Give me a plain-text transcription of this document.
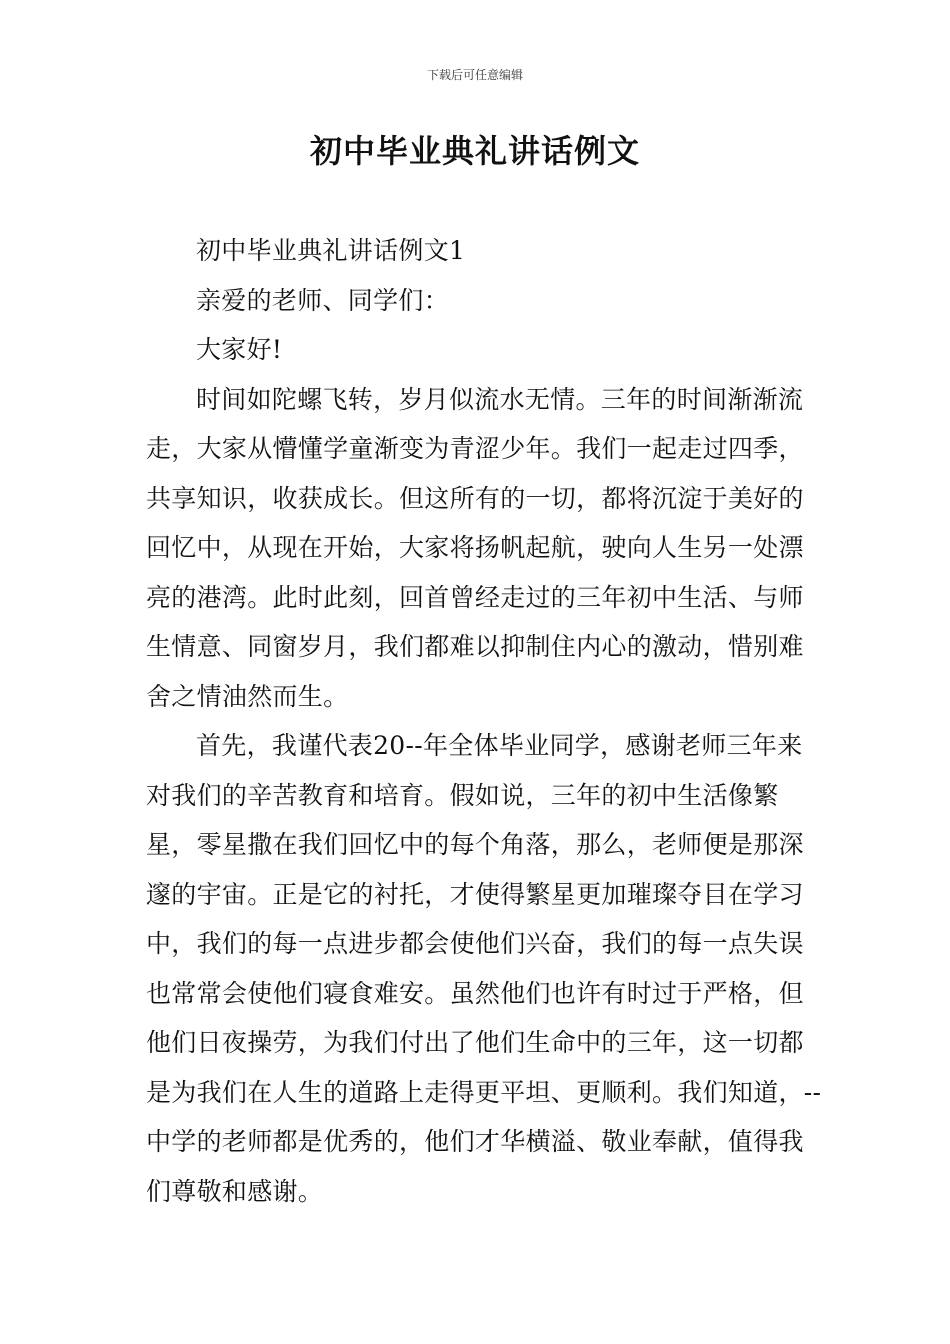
下载后可任意编辑
初中毕业典礼讲话例文

初中毕业典礼讲话例文1

亲爱的老师、同学们：

大家好!

时间如陀螺飞转，岁月似流水无情。三年的时间渐渐流走，大家从懵懂学童渐变为青涩少年。我们一起走过四季，共享知识，收获成长。但这所有的一切，都将沉淀于美好的回忆中，从现在开始，大家将扬帆起航，驶向人生另一处漂亮的港湾。此时此刻，回首曾经走过的三年初中生活、与师生情意、同窗岁月，我们都难以抑制住内心的激动，惜别难舍之情油然而生。

首先，我谨代表20--年全体毕业同学，感谢老师三年来对我们的辛苦教育和培育。假如说，三年的初中生活像繁星，零星撒在我们回忆中的每个角落，那么，老师便是那深邃的宇宙。正是它的衬托，才使得繁星更加璀璨夺目在学习中，我们的每一点进步都会使他们兴奋，我们的每一点失误也常常会使他们寝食难安。虽然他们也许有时过于严格，但他们日夜操劳，为我们付出了他们生命中的三年，这一切都是为我们在人生的道路上走得更平坦、更顺利。我们知道，--中学的老师都是优秀的，他们才华横溢、敬业奉献，值得我们尊敬和感谢。
